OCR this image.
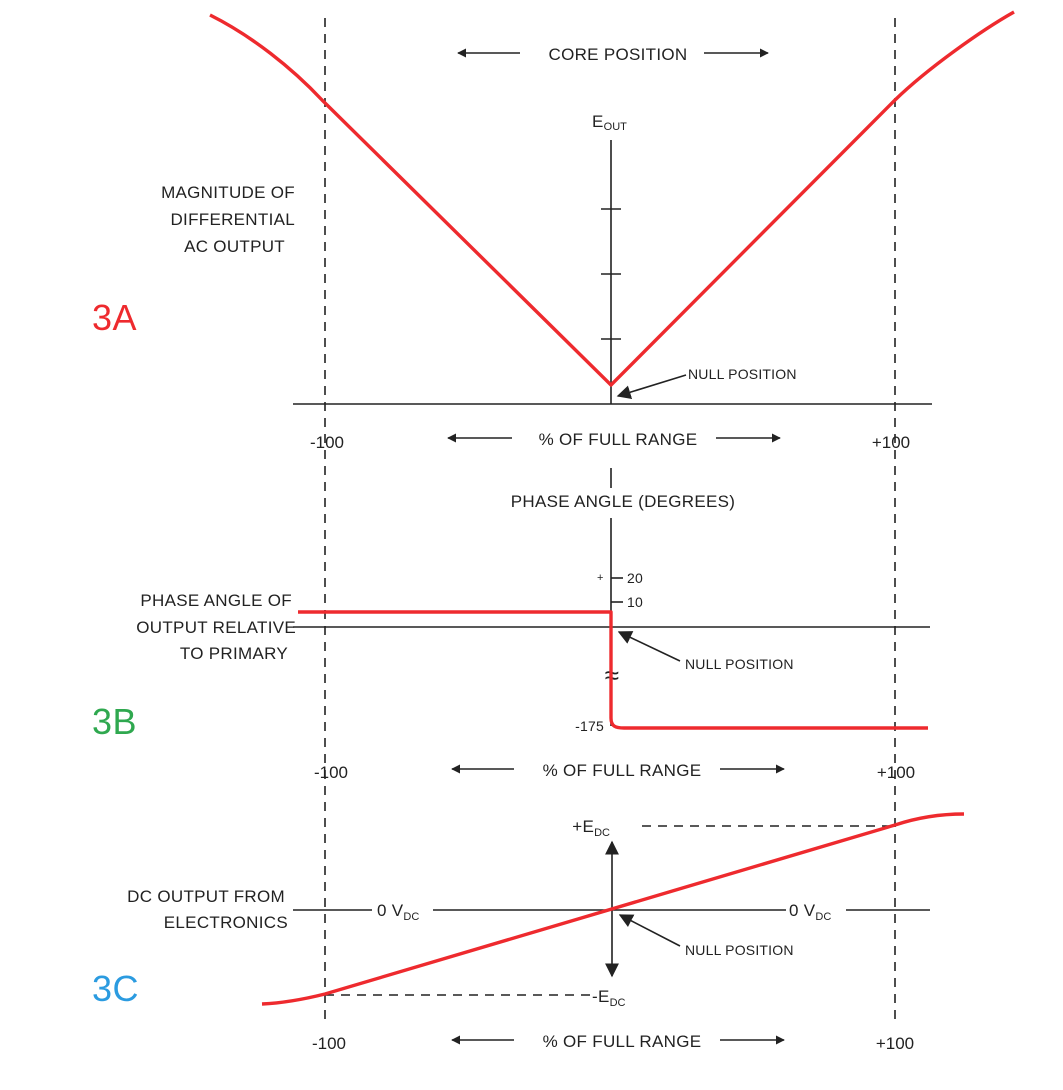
CORE POSITION
EOUT
MAGNITUDE OF
DIFFERENTIAL
AC OUTPUT
3A
NULL POSITION
-100	+100
% OF FULL RANGE
PHASE ANGLE (DEGREES)
+ 20
10
PHASE ANGLE OF
OUTPUT RELATIVE
TO PRIMARY
≈
-175
3B
NULL POSITION
-100	+100
% OF FULL RANGE
$+E_{DC}$
0 $V_{DC}$	0 $V_{DC}$
DC OUTPUT FROM
ELECTRONICS
3C	$-E_{DC}$
NULL POSITION
-100	+100
% OF FULL RANGE
